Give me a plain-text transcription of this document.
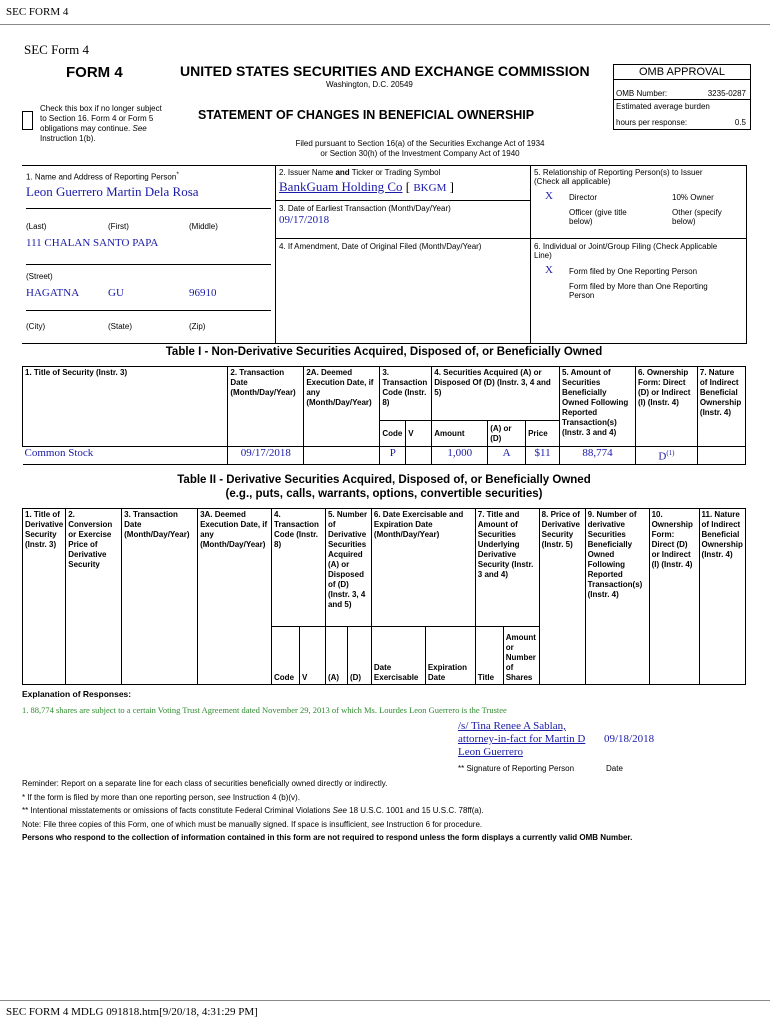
SEC FORM 4
SEC Form 4
FORM 4	UNITED STATES SECURITIES AND EXCHANGE COMMISSION
Washington, D.C. 20549
Check this box if no longer subject
to Section 16. Form 4 or Form 5
obligations may continue. See
Instruction 1(b).
STATEMENT OF CHANGES IN BENEFICIAL OWNERSHIP
OMB APPROVAL
OMB Number:	3235-0287
Estimated average burden
hours per response:	0.5
Filed pursuant to Section 16(a) of the Securities Exchange Act of 1934
or Section 30(h) of the Investment Company Act of 1940
1. Name and Address of Reporting Person*
Leon Guerrero Martin Dela Rosa
(Last)	(First)	(Middle)
111 CHALAN SANTO PAPA
(Street)
HAGATNA	GU	96910
(City)	(State)	(Zip)
2. Issuer Name and Ticker or Trading Symbol
BankGuam Holding Co [ BKGM ]
3. Date of Earliest Transaction (Month/Day/Year)
09/17/2018
4. If Amendment, Date of Original Filed (Month/Day/Year)
5. Relationship of Reporting Person(s) to Issuer
(Check all applicable)
X Director	10% Owner
Officer (give title
below)
Other (specify
below)
6. Individual or Joint/Group Filing (Check Applicable
Line)
X Form filed by One Reporting Person
Form filed by More than One Reporting
Person
Table I - Non-Derivative Securities Acquired, Disposed of, or Beneficially Owned
1. Title of Security (Instr. 3)	2. Transaction Date (Month/Day/Year)	2A. Deemed Execution Date, if any (Month/Day/Year)	3. Transaction Code (Instr. 8)		4. Securities Acquired (A) or Disposed Of (D) (Instr. 3, 4 and 5)			5. Amount of Securities Beneficially Owned Following Reported Transaction(s) (Instr. 3 and 4)	6. Ownership Form: Direct (D) or Indirect (I) (Instr. 4)	7. Nature of Indirect Beneficial Ownership (Instr. 4)
			Code	V	Amount	(A) or (D)	Price			
Common Stock	09/17/2018		P		1,000	A	$11	88,774	$D^{(1)}$	
Table II - Derivative Securities Acquired, Disposed of, or Beneficially Owned
(e.g., puts, calls, warrants, options, convertible securities)
1. Title of Derivative Security (Instr. 3)	2. Conversion or Exercise Price of Derivative Security	3. Transaction Date (Month/Day/Year)	3A. Deemed Execution Date, if any (Month/Day/Year)	4. Transaction Code (Instr. 8)		5. Number of Derivative Securities Acquired (A) or Disposed of (D) (Instr. 3, 4 and 5)		6. Date Exercisable and Expiration Date (Month/Day/Year)		7. Title and Amount of Securities Underlying Derivative Security (Instr. 3 and 4)		8. Price of Derivative Security (Instr. 5)	9. Number of derivative Securities Beneficially Owned Following Reported Transaction(s) (Instr. 4)	10. Ownership Form: Direct (D) or Indirect (I) (Instr. 4)	11. Nature of Indirect Beneficial Ownership (Instr. 4)
				Code	V	(A)	(D)	Date Exercisable	Expiration Date	Title	Amount or Number of Shares				
Explanation of Responses:
1. 88,774 shares are subject to a certain Voting Trust Agreement dated November 29, 2013 of which Ms. Lourdes Leon Guerrero is the Trustee
/s/ Tina Renee A Sablan,
attorney-in-fact for Martin D
Leon Guerrero
09/18/2018
** Signature of Reporting Person	Date
Reminder: Report on a separate line for each class of securities beneficially owned directly or indirectly.
* If the form is filed by more than one reporting person, see Instruction 4 (b)(v).
** Intentional misstatements or omissions of facts constitute Federal Criminal Violations See 18 U.S.C. 1001 and 15 U.S.C. 78ff(a).
Note: File three copies of this Form, one of which must be manually signed. If space is insufficient, see Instruction 6 for procedure.
Persons who respond to the collection of information contained in this form are not required to respond unless the form displays a currently valid OMB Number.
SEC FORM 4 MDLG 091818.htm[9/20/18, 4:31:29 PM]
